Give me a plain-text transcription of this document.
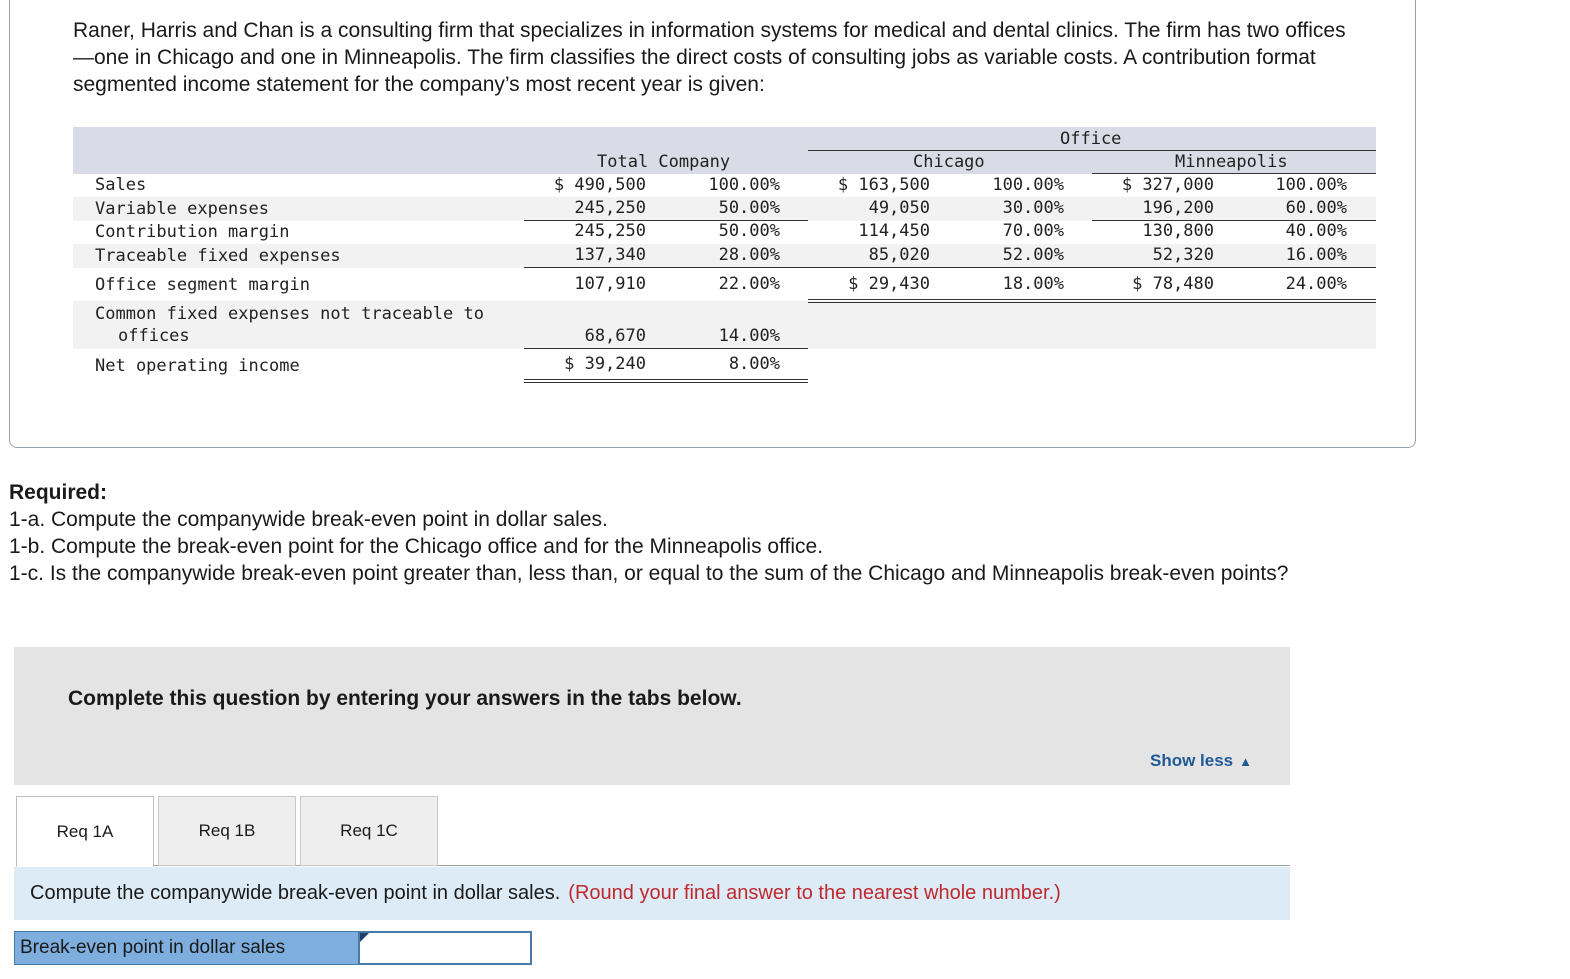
Raner, Harris and Chan is a consulting firm that specializes in information systems for medical and dental clinics. The firm has two offices—one in Chicago and one in Minneapolis. The firm classifies the direct costs of consulting jobs as variable costs. A contribution format segmented income statement for the company’s most recent year is given:

Office
Total Company	Chicago	Minneapolis
Sales	$ 490,500	100.00%	$ 163,500	100.00%	$ 327,000	100.00%
Variable expenses	245,250	50.00%	49,050	30.00%	196,200	60.00%
Contribution margin	245,250	50.00%	114,450	70.00%	130,800	40.00%
Traceable fixed expenses	137,340	28.00%	85,020	52.00%	52,320	16.00%
Office segment margin	107,910	22.00%	$ 29,430	18.00%	$ 78,480	24.00%
Common fixed expenses not traceable to
offices	68,670	14.00%
Net operating income	$ 39,240	8.00%

Required:

1-a. Compute the companywide break-even point in dollar sales.

1-b. Compute the break-even point for the Chicago office and for the Minneapolis office.

1-c. Is the companywide break-even point greater than, less than, or equal to the sum of the Chicago and Minneapolis break-even points?

Complete this question by entering your answers in the tabs below.
Show less ▲
Req 1A	Req 1B	Req 1C
Compute the companywide break-even point in dollar sales. (Round your final answer to the nearest whole number.)
Break-even point in dollar sales
